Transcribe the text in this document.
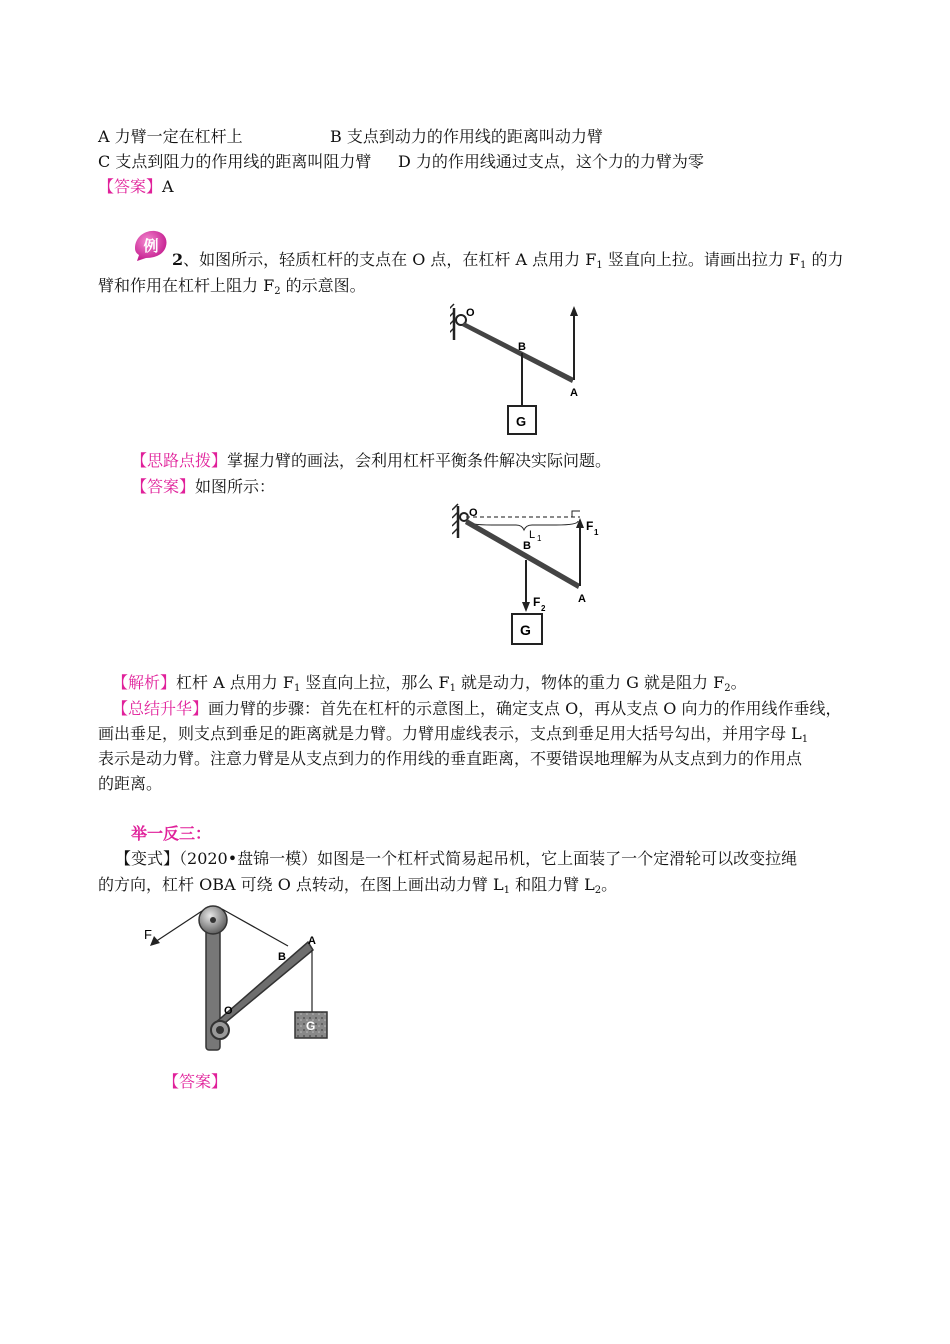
A 力臂一定在杠杆上	B 支点到动力的作用线的距离叫动力臂
C 支点到阻力的作用线的距离叫阻力臂 D 力的作用线通过支点，这个力的力臂为零
【答案】A
例
2、如图所示，轻质杠杆的支点在 O 点，在杠杆 A 点用力 $F_1$ 竖直向上拉。请画出拉力 $F_1$ 的力
臂和作用在杠杆上阻力 $F_2$ 的示意图。
O
B
A
G
【思路点拨】掌握力臂的画法，会利用杠杆平衡条件解决实际问题。
【答案】如图所示：
O
L 1
B
F 1
F 2
A
G
【解析】杠杆 A 点用力 $F_1$ 竖直向上拉，那么 $F_1$ 就是动力，物体的重力 G 就是阻力 $F_2$。
【总结升华】画力臂的步骤：首先在杠杆的示意图上，确定支点 O，再从支点 O 向力的作用线作垂线，
画出垂足，则支点到垂足的距离就是力臂。力臂用虚线表示，支点到垂足用大括号勾出，并用字母 $L_1$
表示是动力臂。注意力臂是从支点到力的作用线的垂直距离，不要错误地理解为从支点到力的作用点
的距离。
举一反三：
【变式】（2020•盘锦一模）如图是一个杠杆式简易起吊机，它上面装了一个定滑轮可以改变拉绳
的方向，杠杆 OBA 可绕 O 点转动，在图上画出动力臂 $L_1$ 和阻力臂 $L_2$。
F
O
B
A
G
【答案】
